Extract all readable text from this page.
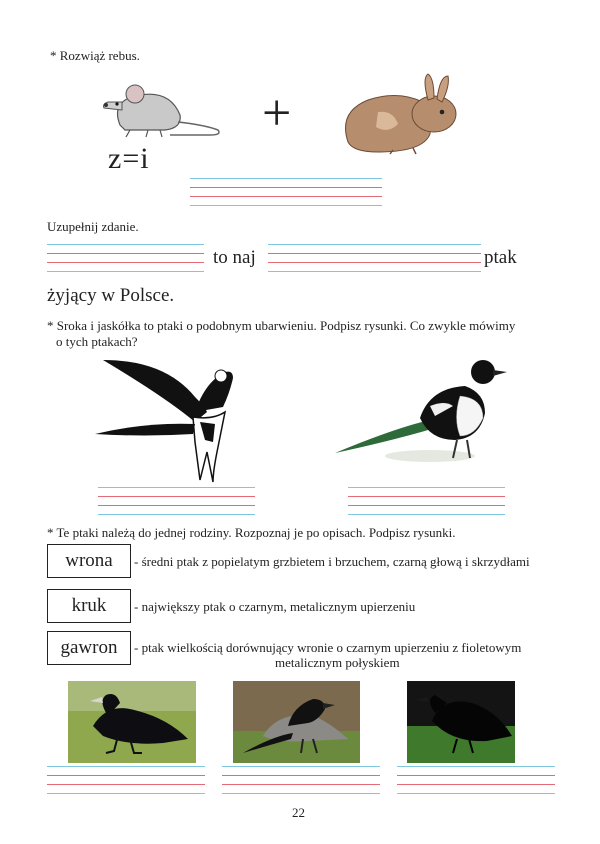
* Rozwiąż rebus.
z=i
+
Uzupełnij zdanie.
to naj	ptak
żyjący w Polsce.
* Sroka i jaskółka to ptaki o podobnym ubarwieniu. Podpisz rysunki. Co zwykle mówimy
o tych ptakach?
* Te ptaki należą do jednej rodziny. Rozpoznaj je po opisach. Podpisz rysunki.
wrona	- średni ptak z popielatym grzbietem i brzuchem, czarną głową i skrzydłami
kruk	- największy ptak o czarnym, metalicznym upierzeniu
gawron	- ptak wielkością dorównujący wronie o czarnym upierzeniu z fioletowym
metalicznym połyskiem
22
